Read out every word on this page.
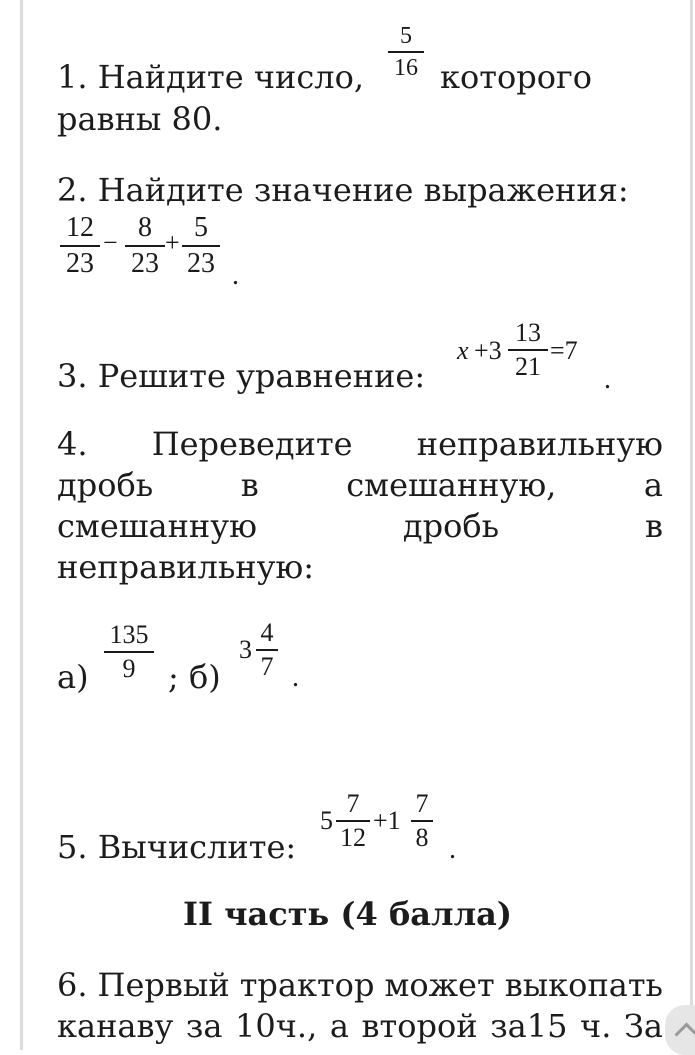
1. Найдите число,
5
16 которого
равны 80.
2. Найдите значение выражения:
12
23
− 8
23
+ 5
23 .
3. Решите уравнение:
x +3
13
21
=7
.
4. Переведите неправильную
дробь	в	смешанную,	а
смешанную	дробь	в
неправильную:
а)
135
9	; б)
3
4
7 .
5. Вычислите:
5
7
12
+1
7
8 .
II часть (4 балла)
6. Первый трактор может выкопать
канаву за 10ч., а второй за15 ч. За
